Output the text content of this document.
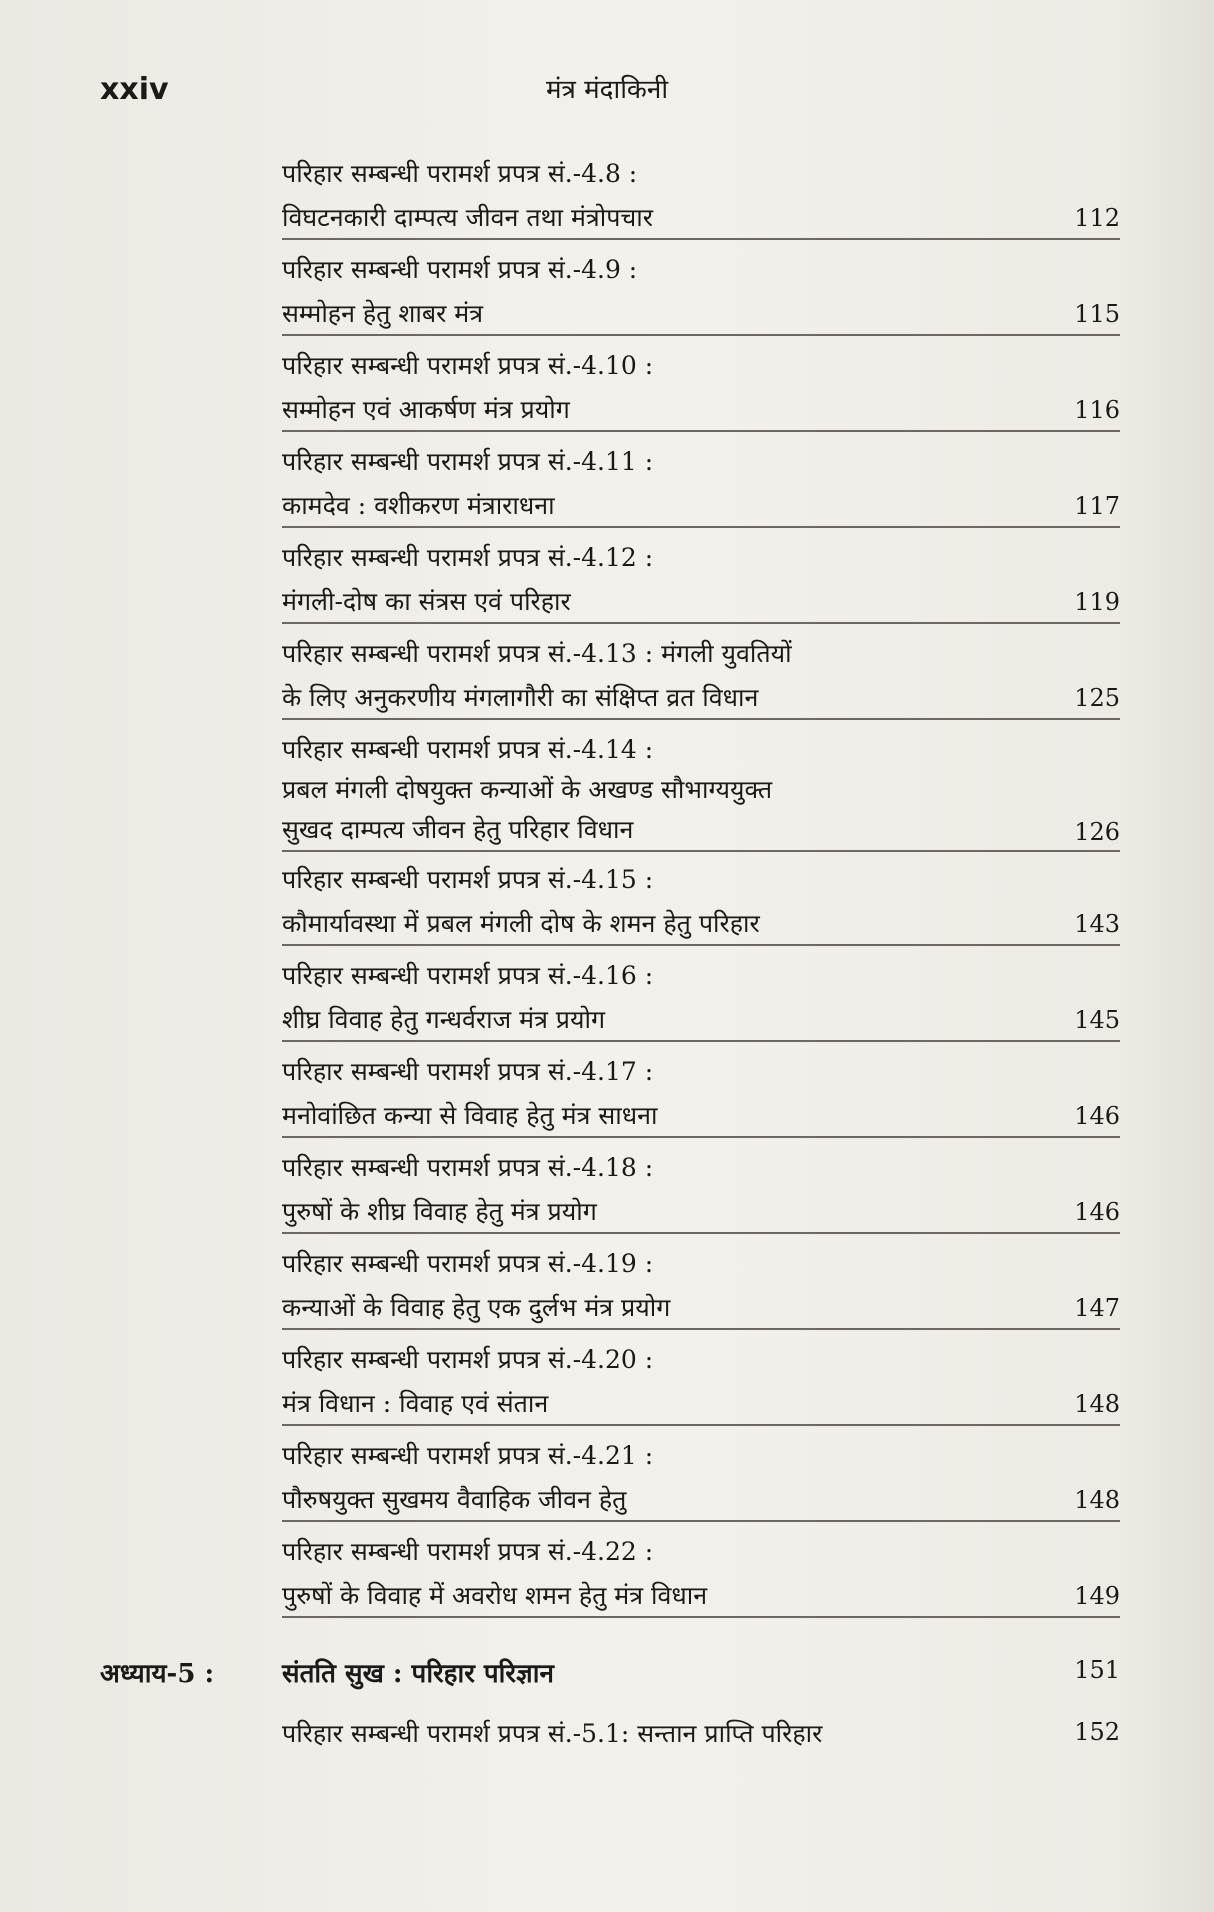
xxiv	मंत्र मंदाकिनी
परिहार सम्बन्धी परामर्श प्रपत्र सं.-4.8 :
विघटनकारी दाम्पत्य जीवन तथा मंत्रोपचार	112
परिहार सम्बन्धी परामर्श प्रपत्र सं.-4.9 :
सम्मोहन हेतु शाबर मंत्र	115
परिहार सम्बन्धी परामर्श प्रपत्र सं.-4.10 :
सम्मोहन एवं आकर्षण मंत्र प्रयोग	116
परिहार सम्बन्धी परामर्श प्रपत्र सं.-4.11 :
कामदेव : वशीकरण मंत्राराधना	117
परिहार सम्बन्धी परामर्श प्रपत्र सं.-4.12 :
मंगली-दोष का संत्रस एवं परिहार	119
परिहार सम्बन्धी परामर्श प्रपत्र सं.-4.13 : मंगली युवतियों
के लिए अनुकरणीय मंगलागौरी का संक्षिप्त व्रत विधान	125
परिहार सम्बन्धी परामर्श प्रपत्र सं.-4.14 :
प्रबल मंगली दोषयुक्त कन्याओं के अखण्ड सौभाग्ययुक्त
सुखद दाम्पत्य जीवन हेतु परिहार विधान	126
परिहार सम्बन्धी परामर्श प्रपत्र सं.-4.15 :
कौमार्यावस्था में प्रबल मंगली दोष के शमन हेतु परिहार	143
परिहार सम्बन्धी परामर्श प्रपत्र सं.-4.16 :
शीघ्र विवाह हेतु गन्धर्वराज मंत्र प्रयोग	145
परिहार सम्बन्धी परामर्श प्रपत्र सं.-4.17 :
मनोवांछित कन्या से विवाह हेतु मंत्र साधना	146
परिहार सम्बन्धी परामर्श प्रपत्र सं.-4.18 :
पुरुषों के शीघ्र विवाह हेतु मंत्र प्रयोग	146
परिहार सम्बन्धी परामर्श प्रपत्र सं.-4.19 :
कन्याओं के विवाह हेतु एक दुर्लभ मंत्र प्रयोग	147
परिहार सम्बन्धी परामर्श प्रपत्र सं.-4.20 :
मंत्र विधान : विवाह एवं संतान	148
परिहार सम्बन्धी परामर्श प्रपत्र सं.-4.21 :
पौरुषयुक्त सुखमय वैवाहिक जीवन हेतु	148
परिहार सम्बन्धी परामर्श प्रपत्र सं.-4.22 :
पुरुषों के विवाह में अवरोध शमन हेतु मंत्र विधान	149
अध्याय-5 :	संतति सुख : परिहार परिज्ञान	151
परिहार सम्बन्धी परामर्श प्रपत्र सं.-5.1: सन्तान प्राप्ति परिहार	152
